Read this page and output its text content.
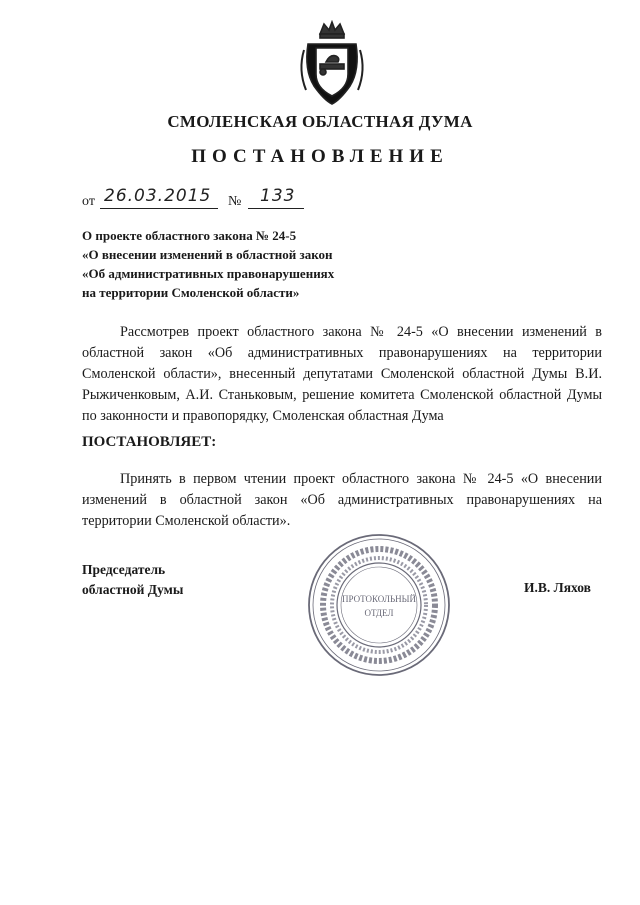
СМОЛЕНСКАЯ ОБЛАСТНАЯ ДУМА
ПОСТАНОВЛЕНИЕ
от 26.03.2015 № 133
О проекте областного закона № 24-5
«О внесении изменений в областной закон
«Об административных правонарушениях
на территории Смоленской области»
Рассмотрев проект областного закона № 24-5 «О внесении изменений в областной закон «Об административных правонарушениях на территории Смоленской области», внесенный депутатами Смоленской областной Думы В.И. Рыжиченковым, А.И. Станьковым, решение комитета Смоленской областной Думы по законности и правопорядку, Смоленская областная Дума
ПОСТАНОВЛЯЕТ:
Принять в первом чтении проект областного закона № 24-5 «О внесении изменений в областной закон «Об административных правонарушениях на территории Смоленской области».
Председатель
областной Думы	И.В. Ляхов
ПРОТОКОЛЬНЫЙ
ОТДЕЛ
